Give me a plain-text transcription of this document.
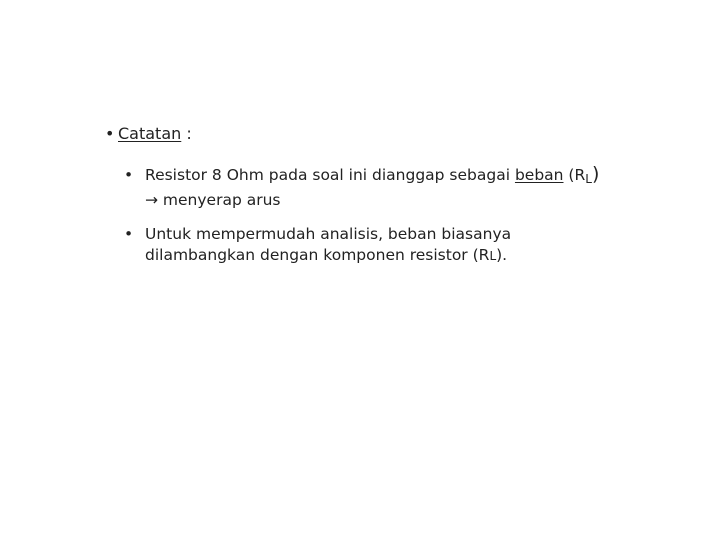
• Catatan :
• Resistor 8 Ohm pada soal ini dianggap sebagai beban $(R_L)$
→ menyerap arus
• Untuk mempermudah analisis, beban biasanya
dilambangkan dengan komponen resistor (RL).
